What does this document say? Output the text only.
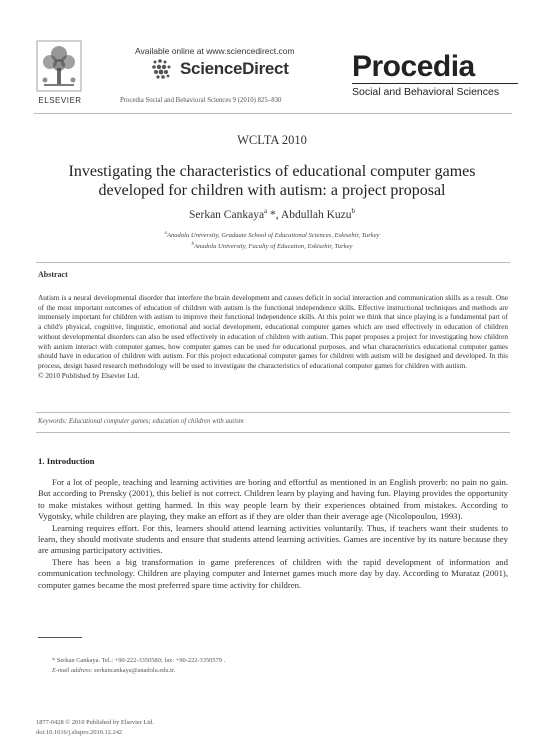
ELSEVIER
Available online at www.sciencedirect.com
ScienceDirect
Procedia Social and Behavioral Sciences 9 (2010) 825–830
Procedia
Social and Behavioral Sciences
WCLTA 2010
Investigating the characteristics of educational computer games developed for children with autism: a project proposal
Serkan Cankaya$^a$ *, Abdullah Kuzu$^b$
$^a$Anadolu University, Graduate School of Educational Sciences, Eskisehir, Turkey
$^b$Anadolu University, Faculty of Education, Eskisehir, Turkey
Abstract
Autism is a neural developmental disorder that interfere the brain development and causes deficit in social interaction and communication skills as a result. One of the most important outcomes of education of children with autism is the functional independence skills. Effective instructional techniques and methods are immensely important for children with autism to improve their functional independence skills. At this point we think that since playing is a fundamental part of a child's physical, cognitive, linguistic, emotional and social development, educational computer games which are used effectively in education of children without developmental disorders can also be used effectively in education of children with autism. This paper proposes a project for investigating how children with autism interact with computer games, how computer games can be used for educational purposes, and what characteristics educational computer games should have in education of children with autism. For this project educational computer games for children with autism will be designed and developed. In this process, design based research methodology will be used to investigate the characteristics of educational computer games for children with autism.
© 2010 Published by Elsevier Ltd.
Keywords: Educational computer games; education of children with autism
1. Introduction

For a lot of people, teaching and learning activities are boring and effortful as mentioned in an English proverb: no pain no gain. But according to Prensky (2001), this belief is not correct. Children learn by playing and having fun. Playing provides the opportunity to make mistakes without getting harmed. In this way people learn by their experiences obtained from mistakes. According to Vygotsky, while children are playing, they make an effort as if they are older than their average age (Nicolopoulou, 1993).

Learning requires effort. For this, learners should attend learning activities voluntarily. Thus, if teachers want their students to learn, they should motivate students and ensure that students attend learning activities. Games are incentive by its nature because they are amusing participatory activities.

There has been a big transformation in game preferences of children with the rapid development of information and communication technology. Children are playing computer and Internet games much more day by day. According to Murataz (2001), computer games became the most preferred spare time activity for children.

* Serkan Cankaya. Tel.: +90-222-3350580; fax: +90-222-3350579 .
E-mail address: serkancankaya@anadolu.edu.tr.
1877-0428 © 2010 Published by Elsevier Ltd.
doi:10.1016/j.sbspro.2010.12.242
